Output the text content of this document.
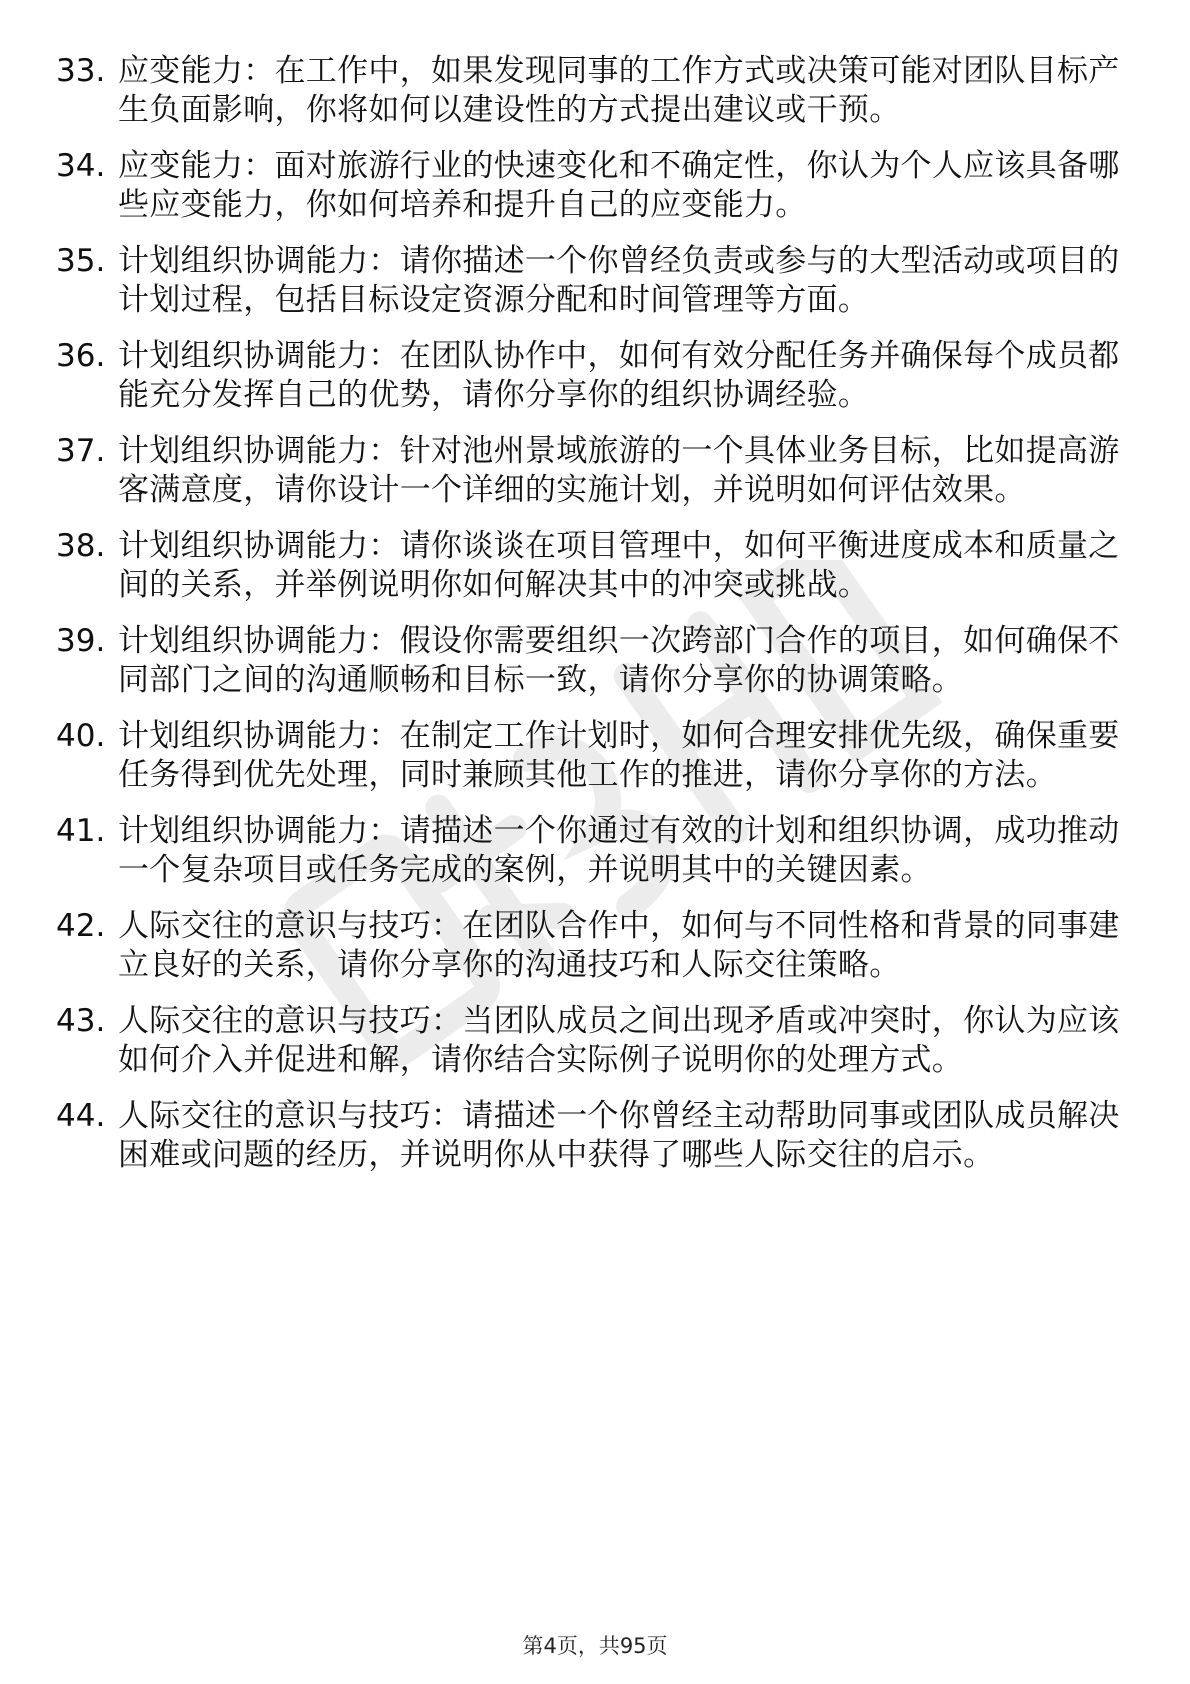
33. 应变能力：在工作中，如果发现同事的工作方式或决策可能对团队目标产生负面影响，你将如何以建设性的方式提出建议或干预。
34. 应变能力：面对旅游行业的快速变化和不确定性，你认为个人应该具备哪些应变能力，你如何培养和提升自己的应变能力。
35. 计划组织协调能力：请你描述一个你曾经负责或参与的大型活动或项目的计划过程，包括目标设定资源分配和时间管理等方面。
36. 计划组织协调能力：在团队协作中，如何有效分配任务并确保每个成员都能充分发挥自己的优势，请你分享你的组织协调经验。
37. 计划组织协调能力：针对池州景域旅游的一个具体业务目标，比如提高游客满意度，请你设计一个详细的实施计划，并说明如何评估效果。
38. 计划组织协调能力：请你谈谈在项目管理中，如何平衡进度成本和质量之间的关系，并举例说明你如何解决其中的冲突或挑战。
39. 计划组织协调能力：假设你需要组织一次跨部门合作的项目，如何确保不同部门之间的沟通顺畅和目标一致，请你分享你的协调策略。
40. 计划组织协调能力：在制定工作计划时，如何合理安排优先级，确保重要任务得到优先处理，同时兼顾其他工作的推进，请你分享你的方法。
41. 计划组织协调能力：请描述一个你通过有效的计划和组织协调，成功推动一个复杂项目或任务完成的案例，并说明其中的关键因素。
42. 人际交往的意识与技巧：在团队合作中，如何与不同性格和背景的同事建立良好的关系，请你分享你的沟通技巧和人际交往策略。
43. 人际交往的意识与技巧：当团队成员之间出现矛盾或冲突时，你认为应该如何介入并促进和解，请你结合实际例子说明你的处理方式。
44. 人际交往的意识与技巧：请描述一个你曾经主动帮助同事或团队成员解决困难或问题的经历，并说明你从中获得了哪些人际交往的启示。
第4页，共95页
